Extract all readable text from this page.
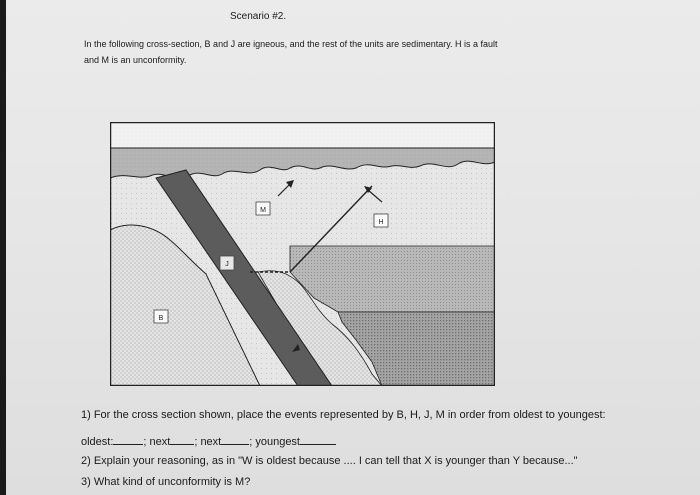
Scenario #2.
In the following cross-section, B and J are igneous, and the rest of the units are sedimentary. H is a fault
and M is an unconformity.
M
H
J
B
1) For the cross section shown, place the events represented by B, H, J, M in order from oldest to youngest:
oldest:	; next ; next	; youngest
2) Explain your reasoning, as in "W is oldest because .... I can tell that X is younger than Y because..."
3) What kind of unconformity is M?
